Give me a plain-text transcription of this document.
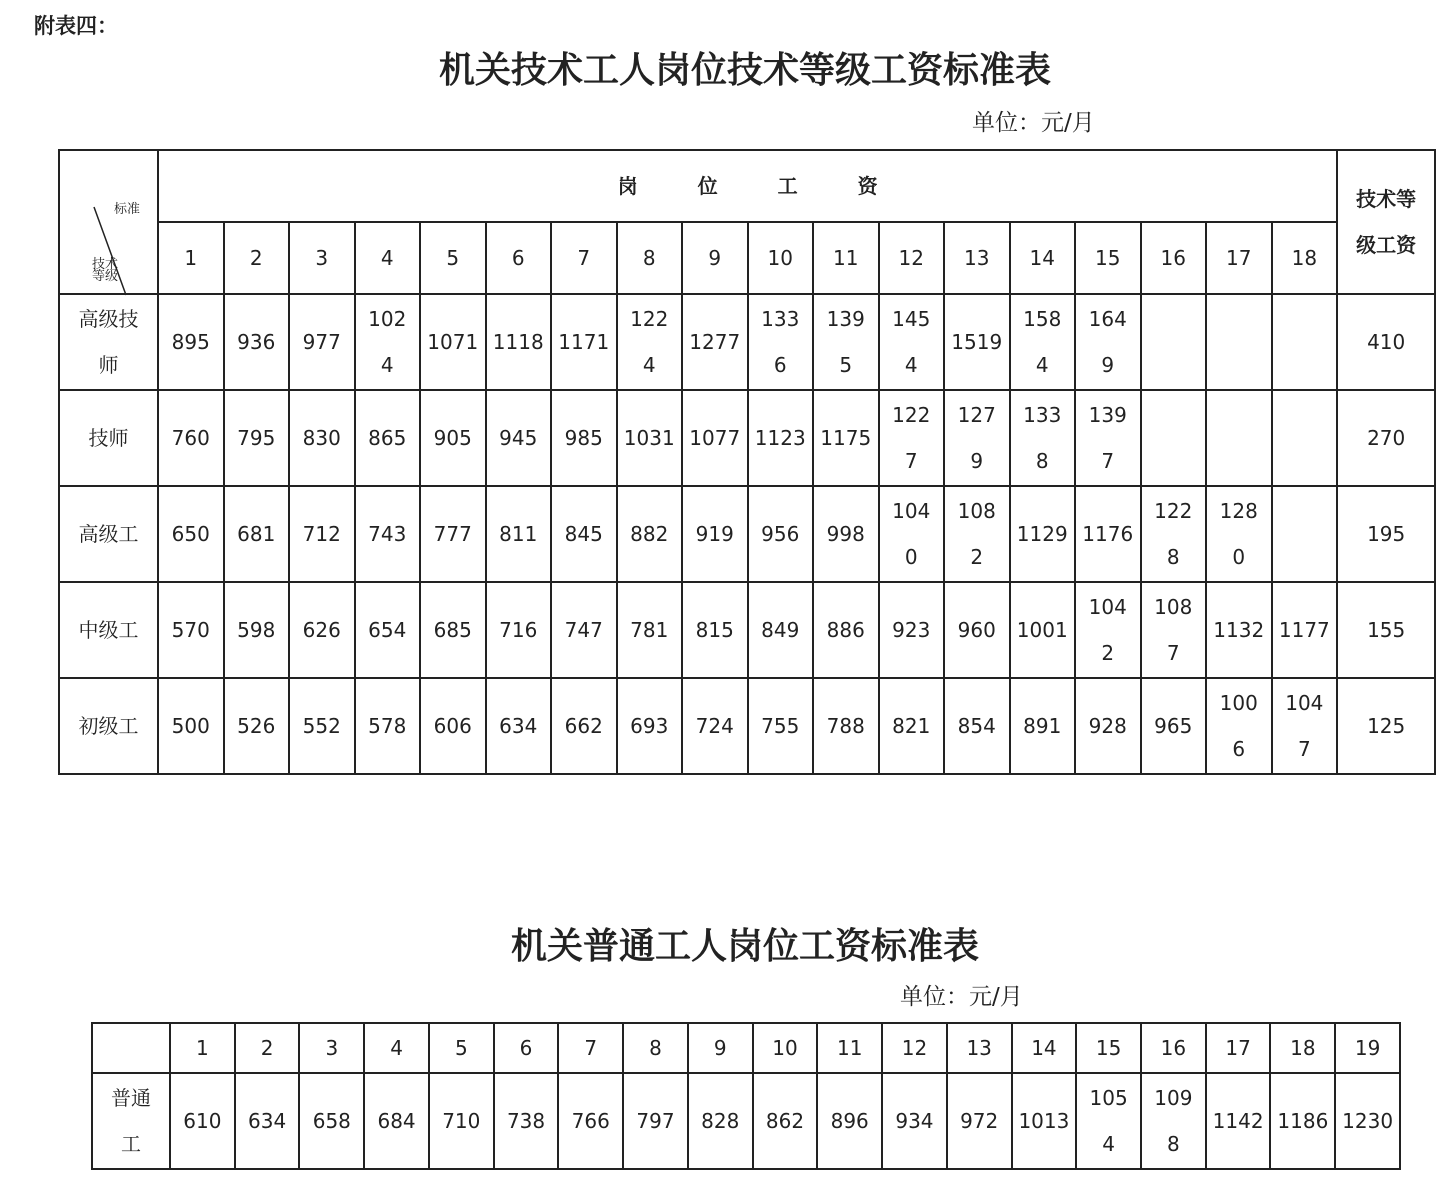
附表四：
机关技术工人岗位技术等级工资标准表
单位：元/月
标准
技术等级	岗　　　位　　　工　　　资																		技术等级工资
	1	2	3	4	5	6	7	8	9	10	11	12	13	14	15	16	17	18	
高级技师	895	936	977	1024	1071	1118	1171	1224	1277	1336	1395	1454	1519	1584	1649				410
技师	760	795	830	865	905	945	985	1031	1077	1123	1175	1227	1279	1338	1397				270
高级工	650	681	712	743	777	811	845	882	919	956	998	1040	1082	1129	1176	1228	1280		195
中级工	570	598	626	654	685	716	747	781	815	849	886	923	960	1001	1042	1087	1132	1177	155
初级工	500	526	552	578	606	634	662	693	724	755	788	821	854	891	928	965	1006	1047	125
机关普通工人岗位工资标准表
单位：元/月
	1	2	3	4	5	6	7	8	9	10	11	12	13	14	15	16	17	18	19
普通工	610	634	658	684	710	738	766	797	828	862	896	934	972	1013	1054	1098	1142	1186	1230
